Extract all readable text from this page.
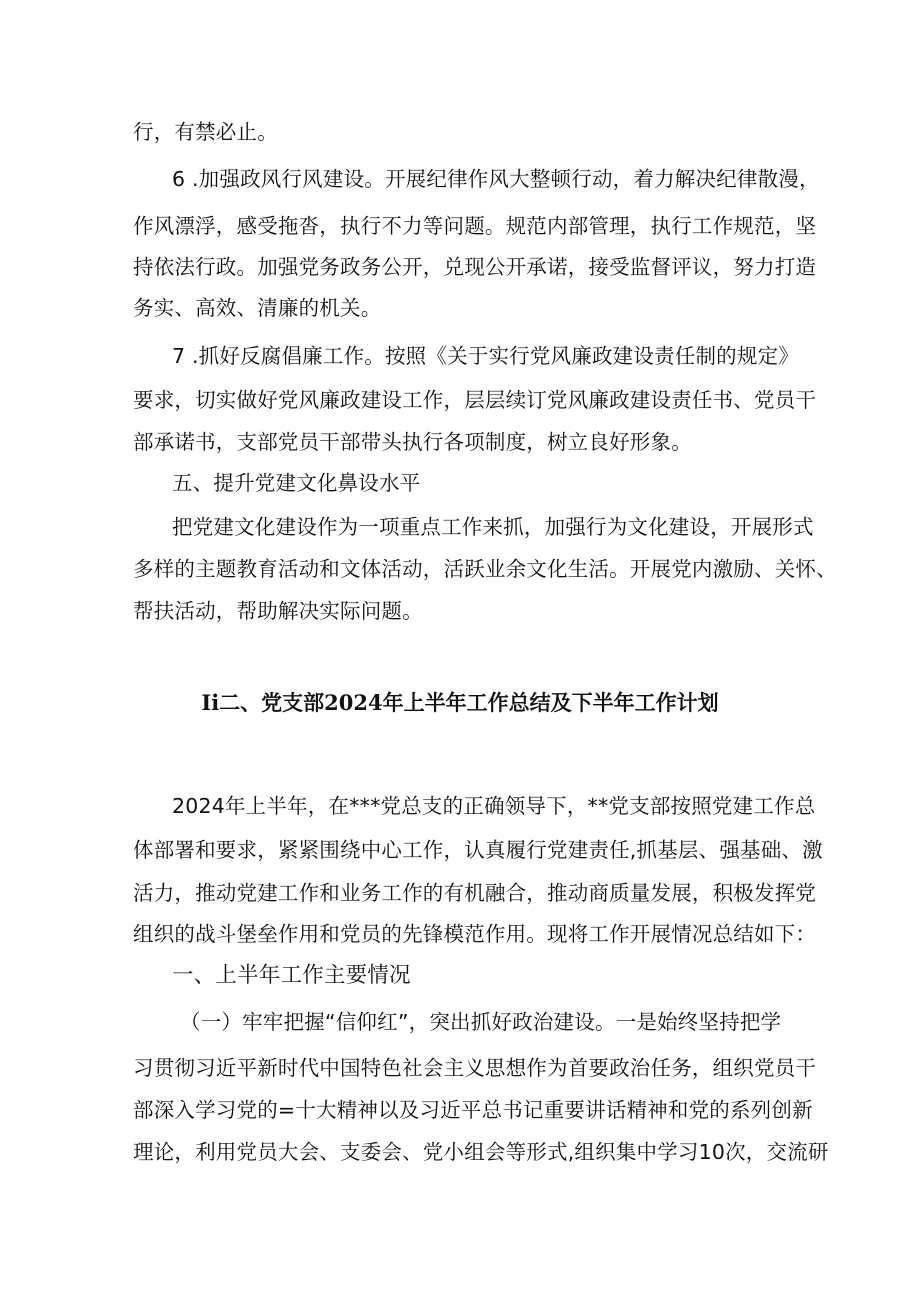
行，有禁必止。
6 .加强政风行风建设。开展纪律作风大整顿行动，着力解决纪律散漫，
作风漂浮，感受拖沓，执行不力等问题。规范内部管理，执行工作规范，坚
持依法行政。加强党务政务公开，兑现公开承诺，接受监督评议，努力打造
务实、高效、清廉的机关。
7 .抓好反腐倡廉工作。按照《关于实行党风廉政建设责任制的规定》
要求，切实做好党风廉政建设工作，层层续订党风廉政建设责任书、党员干
部承诺书，支部党员干部带头执行各项制度，树立良好形象。
五、提升党建文化鼻设水平
把党建文化建设作为一项重点工作来抓，加强行为文化建设，开展形式
多样的主题教育活动和文体活动，活跃业余文化生活。开展党内激励、关怀、
帮扶活动，帮助解决实际问题。
Ii二、党支部2024年上半年工作总结及下半年工作计划
2024年上半年，在***党总支的正确领导下，**党支部按照党建工作总
体部署和要求，紧紧围绕中心工作，认真履行党建责任,抓基层、强基础、激
活力，推动党建工作和业务工作的有机融合，推动商质量发展，积极发挥党
组织的战斗堡垒作用和党员的先锋模范作用。现将工作开展情况总结如下：
一、上半年工作主要情况
（一）牢牢把握“信仰红”，突出抓好政治建设。一是始终坚持把学
习贯彻习近平新时代中国特色社会主义思想作为首要政治任务，组织党员干
部深入学习党的=十大精神以及习近平总书记重要讲话精神和党的系列创新
理论，利用党员大会、支委会、党小组会等形式,组织集中学习10次，交流研
